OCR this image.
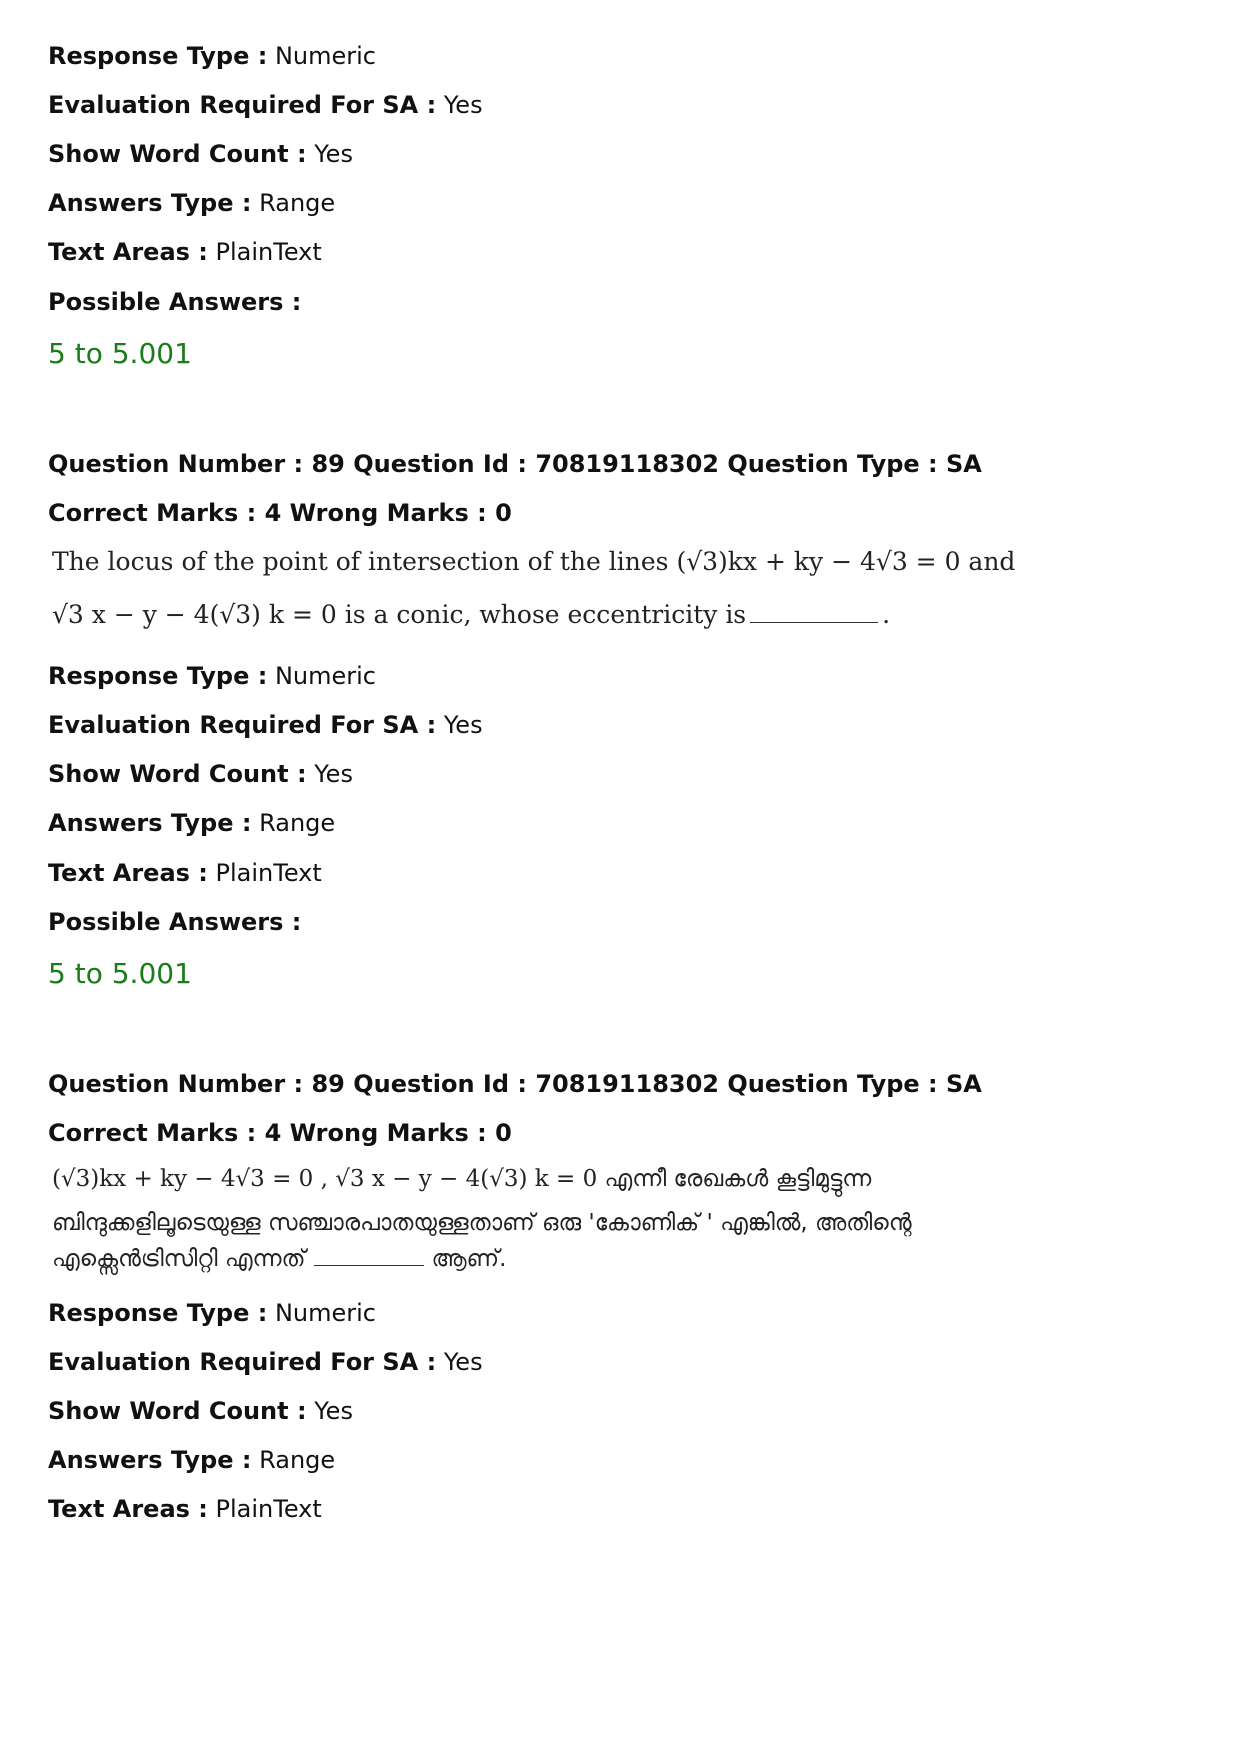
Response Type : Numeric
Evaluation Required For SA : Yes
Show Word Count : Yes
Answers Type : Range
Text Areas : PlainText
Possible Answers :
5 to 5.001
Question Number : 89 Question Id : 70819118302 Question Type : SA
Correct Marks : 4 Wrong Marks : 0
The locus of the point of intersection of the lines (√3)kx + ky − 4√3 = 0 and
√3 x − y − 4(√3) k = 0 is a conic, whose eccentricity is	.
Response Type : Numeric
Evaluation Required For SA : Yes
Show Word Count : Yes
Answers Type : Range
Text Areas : PlainText
Possible Answers :
5 to 5.001
Question Number : 89 Question Id : 70819118302 Question Type : SA
Correct Marks : 4 Wrong Marks : 0
(√3)kx + ky − 4√3 = 0 , √3 x − y − 4(√3) k = 0 എന്നീ രേഖകൾ കൂട്ടിമുട്ടുന്ന
ബിന്ദുക്കളിലൂടെയുള്ള സഞ്ചാരപാതയുള്ളതാണ് ഒരു 'കോണിക് ' എങ്കിൽ, അതിന്റെ
എക്സെൻട്രിസിറ്റി എന്നത്	ആണ്.
Response Type : Numeric
Evaluation Required For SA : Yes
Show Word Count : Yes
Answers Type : Range
Text Areas : PlainText
